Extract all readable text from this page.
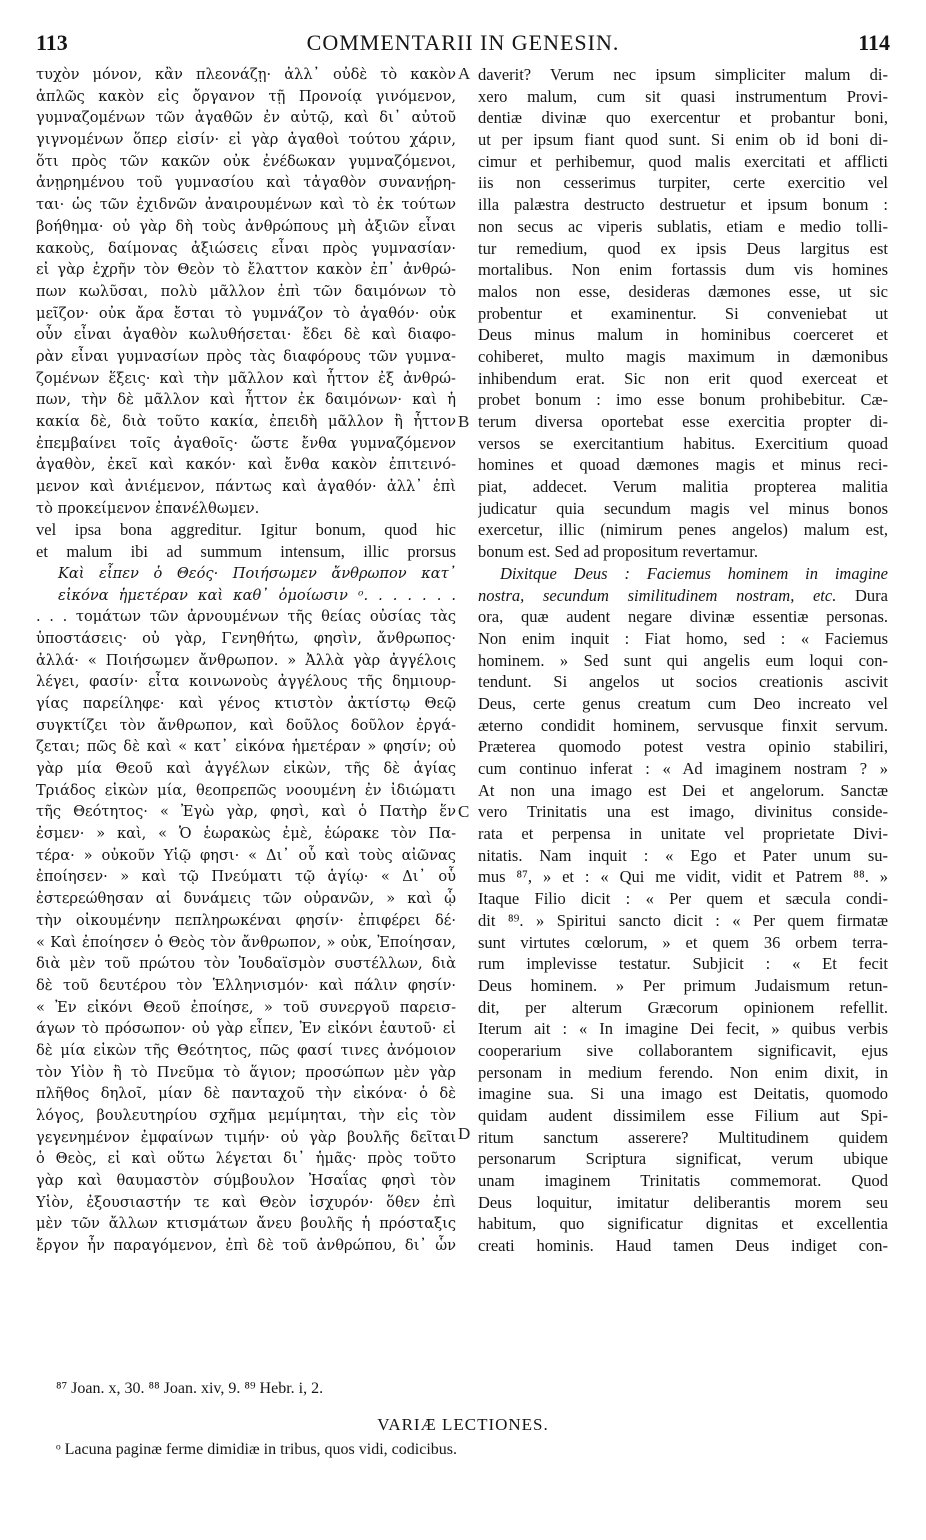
113	COMMENTARII IN GENESIN.	114
τυχὸν μόνον, κἂν πλεονάζῃ· ἀλλ᾽ οὐδὲ τὸ κακὸν
ἁπλῶς κακὸν εἰς ὄργανον τῇ Προνοίᾳ γινόμενον,
γυμναζομένων τῶν ἀγαθῶν ἐν αὐτῷ, καὶ δι᾽ αὐτοῦ
γιγνομένων ὅπερ εἰσίν· εἰ γὰρ ἀγαθοὶ τούτου χάριν,
ὅτι πρὸς τῶν κακῶν οὐκ ἐνέδωκαν γυμναζόμενοι,
ἀνῃρημένου τοῦ γυμνασίου καὶ τἀγαθὸν συνανῄρη-
ται· ὡς τῶν ἐχιδνῶν ἀναιρουμένων καὶ τὸ ἐκ τούτων
βοήθημα· οὐ γὰρ δὴ τοὺς ἀνθρώπους μὴ ἀξιῶν εἶναι
κακοὺς, δαίμονας ἀξιώσεις εἶναι πρὸς γυμνασίαν·
εἰ γὰρ ἐχρῆν τὸν Θεὸν τὸ ἔλαττον κακὸν ἐπ᾽ ἀνθρώ-
πων κωλῦσαι, πολὺ μᾶλλον ἐπὶ τῶν δαιμόνων τὸ
μεῖζον· οὐκ ἄρα ἔσται τὸ γυμνάζον τὸ ἀγαθόν· οὐκ
οὖν εἶναι ἀγαθὸν κωλυθήσεται· ἔδει δὲ καὶ διαφο-
ρὰν εἶναι γυμνασίων πρὸς τὰς διαφόρους τῶν γυμνα-
ζομένων ἕξεις· καὶ τὴν μᾶλλον καὶ ἧττον ἐξ ἀνθρώ-
πων, τὴν δὲ μᾶλλον καὶ ἧττον ἐκ δαιμόνων· καὶ ἡ
κακία δὲ, διὰ τοῦτο κακία, ἐπειδὴ μᾶλλον ἢ ἧττον
ἐπεμβαίνει τοῖς ἀγαθοῖς· ὥστε ἔνθα γυμναζόμενον
ἀγαθὸν, ἐκεῖ καὶ κακόν· καὶ ἔνθα κακὸν ἐπιτεινό-
μενον καὶ ἀνιέμενον, πάντως καὶ ἀγαθόν· ἀλλ᾽ ἐπὶ
τὸ προκείμενον ἐπανέλθωμεν.
vel ipsa bona aggreditur. Igitur bonum, quod hic
et malum ibi ad summum intensum, illic prorsus
Καὶ εἶπεν ὁ Θεός· Ποιήσωμεν ἄνθρωπον κατ᾽
εἰκόνα ἡμετέραν καὶ καθ᾽ ὁμοίωσιν ᵒ. . . . . . .
. . . τομάτων τῶν ἀρνουμένων τῆς θείας οὐσίας τὰς
ὑποστάσεις· οὐ γὰρ, Γενηθήτω, φησὶν, ἄνθρωπος·
ἀλλά· « Ποιήσωμεν ἄνθρωπον. » Ἀλλὰ γὰρ ἀγγέλοις
λέγει, φασίν· εἶτα κοινωνοὺς ἀγγέλους τῆς δημιουρ-
γίας παρείληφε· καὶ γένος κτιστὸν ἀκτίστῳ Θεῷ
συγκτίζει τὸν ἄνθρωπον, καὶ δοῦλος δοῦλον ἐργά-
ζεται; πῶς δὲ καὶ « κατ᾽ εἰκόνα ἡμετέραν » φησίν; οὐ
γὰρ μία Θεοῦ καὶ ἀγγέλων εἰκὼν, τῆς δὲ ἁγίας
Τριάδος εἰκὼν μία, θεοπρεπῶς νοουμένη ἐν ἰδιώματι
τῆς Θεότητος· « Ἐγὼ γὰρ, φησὶ, καὶ ὁ Πατὴρ ἕν
ἐσμεν· » καὶ, « Ὁ ἑωρακὼς ἐμὲ, ἑώρακε τὸν Πα-
τέρα· » οὐκοῦν Υἱῷ φησι· « Δι᾽ οὗ καὶ τοὺς αἰῶνας
ἐποίησεν· » καὶ τῷ Πνεύματι τῷ ἁγίῳ· « Δι᾽ οὗ
ἐστερεώθησαν αἱ δυνάμεις τῶν οὐρανῶν, » καὶ ᾧ
τὴν οἰκουμένην πεπληρωκέναι φησίν· ἐπιφέρει δέ·
« Καὶ ἐποίησεν ὁ Θεὸς τὸν ἄνθρωπον, » οὐκ, Ἐποίησαν,
διὰ μὲν τοῦ πρώτου τὸν Ἰουδαϊσμὸν συστέλλων, διὰ
δὲ τοῦ δευτέρου τὸν Ἑλληνισμόν· καὶ πάλιν φησίν·
« Ἐν εἰκόνι Θεοῦ ἐποίησε, » τοῦ συνεργοῦ παρεισ-
άγων τὸ πρόσωπον· οὐ γὰρ εἶπεν, Ἐν εἰκόνι ἑαυτοῦ· εἰ
δὲ μία εἰκὼν τῆς Θεότητος, πῶς φασί τινες ἀνόμοιον
τὸν Υἱὸν ἢ τὸ Πνεῦμα τὸ ἅγιον; προσώπων μὲν γὰρ
πλῆθος δηλοῖ, μίαν δὲ πανταχοῦ τὴν εἰκόνα· ὁ δὲ
λόγος, βουλευτηρίου σχῆμα μεμίμηται, τὴν εἰς τὸν
γεγενημένον ἐμφαίνων τιμήν· οὐ γὰρ βουλῆς δεῖται
ὁ Θεὸς, εἰ καὶ οὕτω λέγεται δι᾽ ἡμᾶς· πρὸς τοῦτο
γὰρ καὶ θαυμαστὸν σύμβουλον Ἠσαΐας φησὶ τὸν
Υἱὸν, ἐξουσιαστήν τε καὶ Θεὸν ἰσχυρόν· ὅθεν ἐπὶ
μὲν τῶν ἄλλων κτισμάτων ἄνευ βουλῆς ἡ πρόσταξις
ἔργον ἦν παραγόμενον, ἐπὶ δὲ τοῦ ἀνθρώπου, δι᾽ ὧν
daverit? Verum nec ipsum simpliciter malum di-
xero malum, cum sit quasi instrumentum Provi-
dentiæ divinæ quo exercentur et probantur boni,
ut per ipsum fiant quod sunt. Si enim ob id boni di-
cimur et perhibemur, quod malis exercitati et afflicti
iis non cesserimus turpiter, certe exercitio vel
illa palæstra destructo destruetur et ipsum bonum :
non secus ac viperis sublatis, etiam e medio tolli-
tur remedium, quod ex ipsis Deus largitus est
mortalibus. Non enim fortassis dum vis homines
malos non esse, desideras dæmones esse, ut sic
probentur et examinentur. Si conveniebat ut
Deus minus malum in hominibus coerceret et
cohiberet, multo magis maximum in dæmonibus
inhibendum erat. Sic non erit quod exerceat et
probet bonum : imo esse bonum prohibebitur. Cæ-
terum diversa oportebat esse exercitia propter di-
versos se exercitantium habitus. Exercitium quoad
homines et quoad dæmones magis et minus reci-
piat, addecet. Verum malitia propterea malitia
judicatur quia secundum magis vel minus bonos
exercetur, illic (nimirum penes angelos) malum est,
bonum est. Sed ad propositum revertamur.
Dixitque Deus : Faciemus hominem in imagine
nostra, secundum similitudinem nostram, etc. Dura
ora, quæ audent negare divinæ essentiæ personas.
Non enim inquit : Fiat homo, sed : « Faciemus
hominem. » Sed sunt qui angelis eum loqui con-
tendunt. Si angelos ut socios creationis ascivit
Deus, certe genus creatum cum Deo increato vel
æterno condidit hominem, servusque finxit servum.
Præterea quomodo potest vestra opinio stabiliri,
cum continuo inferat : « Ad imaginem nostram ? »
At non una imago est Dei et angelorum. Sanctæ
vero Trinitatis una est imago, divinitus conside-
rata et perpensa in unitate vel proprietate Divi-
nitatis. Nam inquit : « Ego et Pater unum su-
mus ⁸⁷, » et : « Qui me vidit, vidit et Patrem ⁸⁸. »
Itaque Filio dicit : « Per quem et sæcula condi-
dit ⁸⁹. » Spiritui sancto dicit : « Per quem firmatæ
sunt virtutes cœlorum, » et quem 36 orbem terra-
rum implevisse testatur. Subjicit : « Et fecit
Deus hominem. » Per primum Judaismum retun-
dit, per alterum Græcorum opinionem refellit.
Iterum ait : « In imagine Dei fecit, » quibus verbis
cooperarium sive collaborantem significavit, ejus
personam in medium ferendo. Non enim dixit, in
imagine sua. Si una imago est Deitatis, quomodo
quidam audent dissimilem esse Filium aut Spi-
ritum sanctum asserere? Multitudinem quidem
personarum Scriptura significat, verum ubique
unam imaginem Trinitatis commemorat. Quod
Deus loquitur, imitatur deliberantis morem seu
habitum, quo significatur dignitas et excellentia
creati hominis. Haud tamen Deus indiget con-
A
B
C
D
⁸⁷ Joan. x, 30. ⁸⁸ Joan. xiv, 9. ⁸⁹ Hebr. i, 2.
VARIÆ LECTIONES.
ᵒ Lacuna paginæ ferme dimidiæ in tribus, quos vidi, codicibus.
